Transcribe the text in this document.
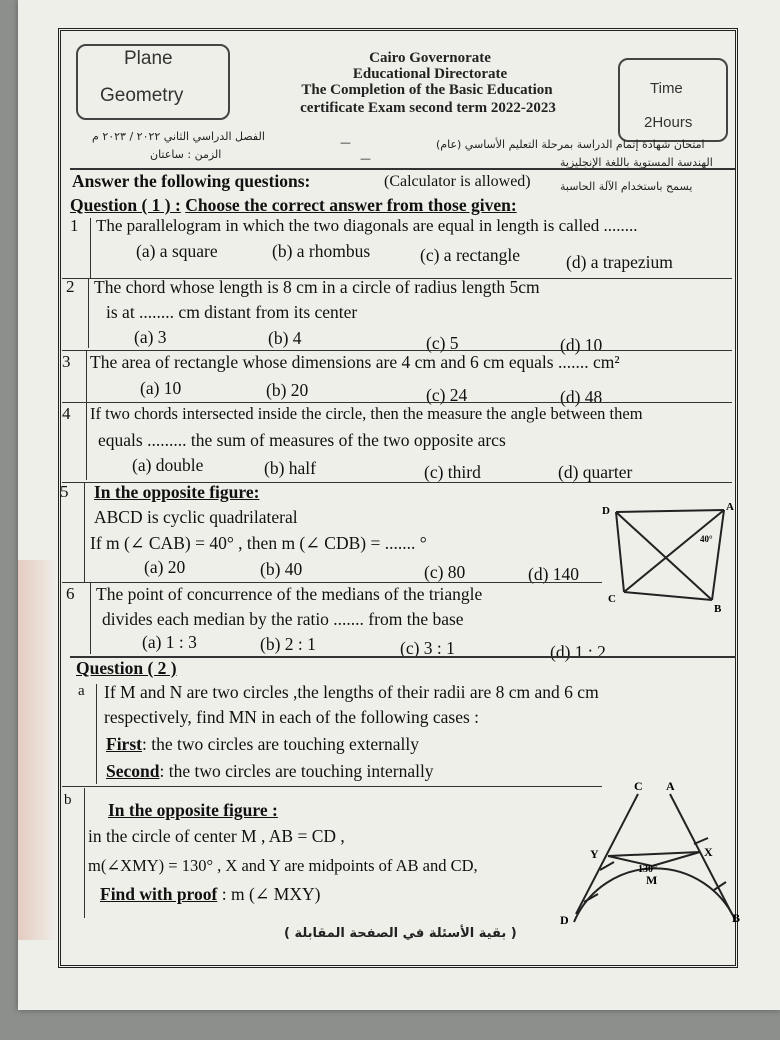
Plane
Geometry
Cairo Governorate
Educational Directorate
The Completion of the Basic Education
certificate Exam second term 2022-2023
Time
2Hours
الفصل الدراسي الثاني ٢٠٢٢ / ٢٠٢٣ م
الزمن : ساعتان
—
—
امتحان شهادة إتمام الدراسة بمرحلة التعليم الأساسي (عام)
الهندسة المستوية باللغة الإنجليزية
Answer the following questions:	(Calculator is allowed)	يسمح باستخدام الآلة الحاسبة
Question ( 1 ) : Choose the correct answer from those given:
1 The parallelogram in which the two diagonals are equal in length is called ........
(a) a square	(b) a rhombus	(c) a rectangle	(d) a trapezium
2 The chord whose length is 8 cm in a circle of radius length 5cm
is at ........ cm distant from its center
(a) 3	(b) 4	(c) 5	(d) 10
3 The area of rectangle whose dimensions are 4 cm and 6 cm equals ....... cm²
(a) 10	(b) 20	(c) 24	(d) 48
4 If two chords intersected inside the circle, then the measure the angle between them
equals ......... the sum of measures of the two opposite arcs
(a) double	(b) half	(c) third	(d) quarter
5 In the opposite figure:
ABCD is cyclic quadrilateral
If m (∠ CAB) = 40° , then m (∠ CDB) = ....... °
(a) 20	(b) 40	(c) 80	(d) 140
D	A
C
B
40°
6 The point of concurrence of the medians of the triangle
divides each median by the ratio ....... from the base
(a) 1 : 3	(b) 2 : 1	(c) 3 : 1	(d) 1 : 2
Question ( 2 )
a If M and N are two circles ,the lengths of their radii are 8 cm and 6 cm
respectively, find MN in each of the following cases :
First: the two circles are touching externally
Second: the two circles are touching internally
b In the opposite figure :
in the circle of center M , AB = CD ,
m(∠XMY) = 130° , X and Y are midpoints of AB and CD,
Find with proof : m (∠ MXY)
( بقية الأسئلة في الصفحة المقابلة )
C A
Y	X
M
D	B
130°
